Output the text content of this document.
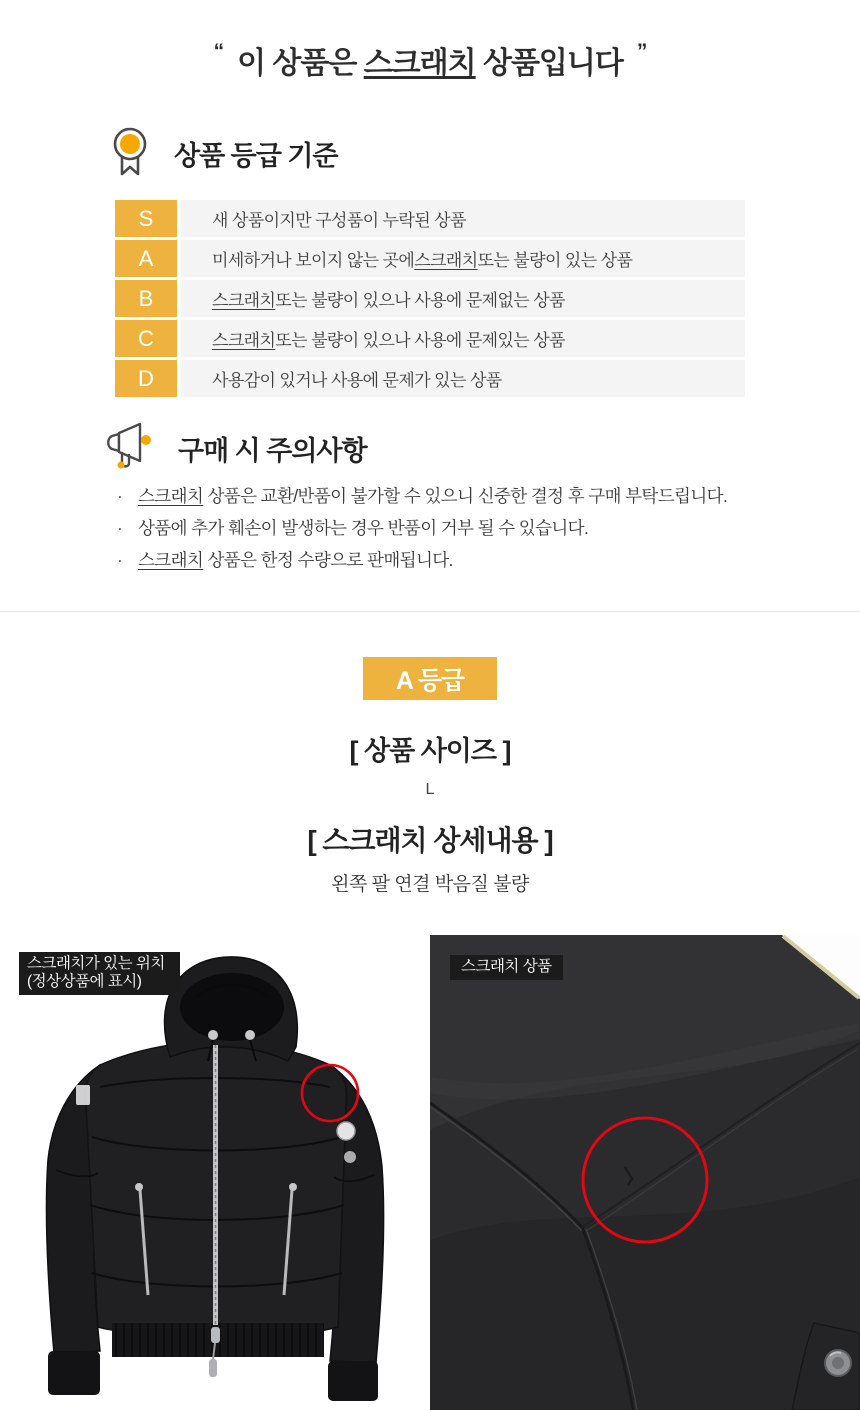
“ 이 상품은 스크래치 상품입니다 ”
상품 등급 기준
S	새 상품이지만 구성품이 누락된 상품
A	미세하거나 보이지 않는 곳에 스크래치 또는 불량이 있는 상품
B	스크래치 또는 불량이 있으나 사용에 문제없는 상품
C	스크래치 또는 불량이 있으나 사용에 문제있는 상품
D	사용감이 있거나 사용에 문제가 있는 상품
구매 시 주의사항
· 스크래치 상품은 교환/반품이 불가할 수 있으니 신중한 결정 후 구매 부탁드립니다.
· 상품에 추가 훼손이 발생하는 경우 반품이 거부 될 수 있습니다.
· 스크래치 상품은 한정 수량으로 판매됩니다.
A 등급
[ 상품 사이즈 ]
L
[ 스크래치 상세내용 ]
왼쪽 팔 연결 박음질 불량
스크래치가 있는 위치
(정상상품에 표시)
스크래치 상품
